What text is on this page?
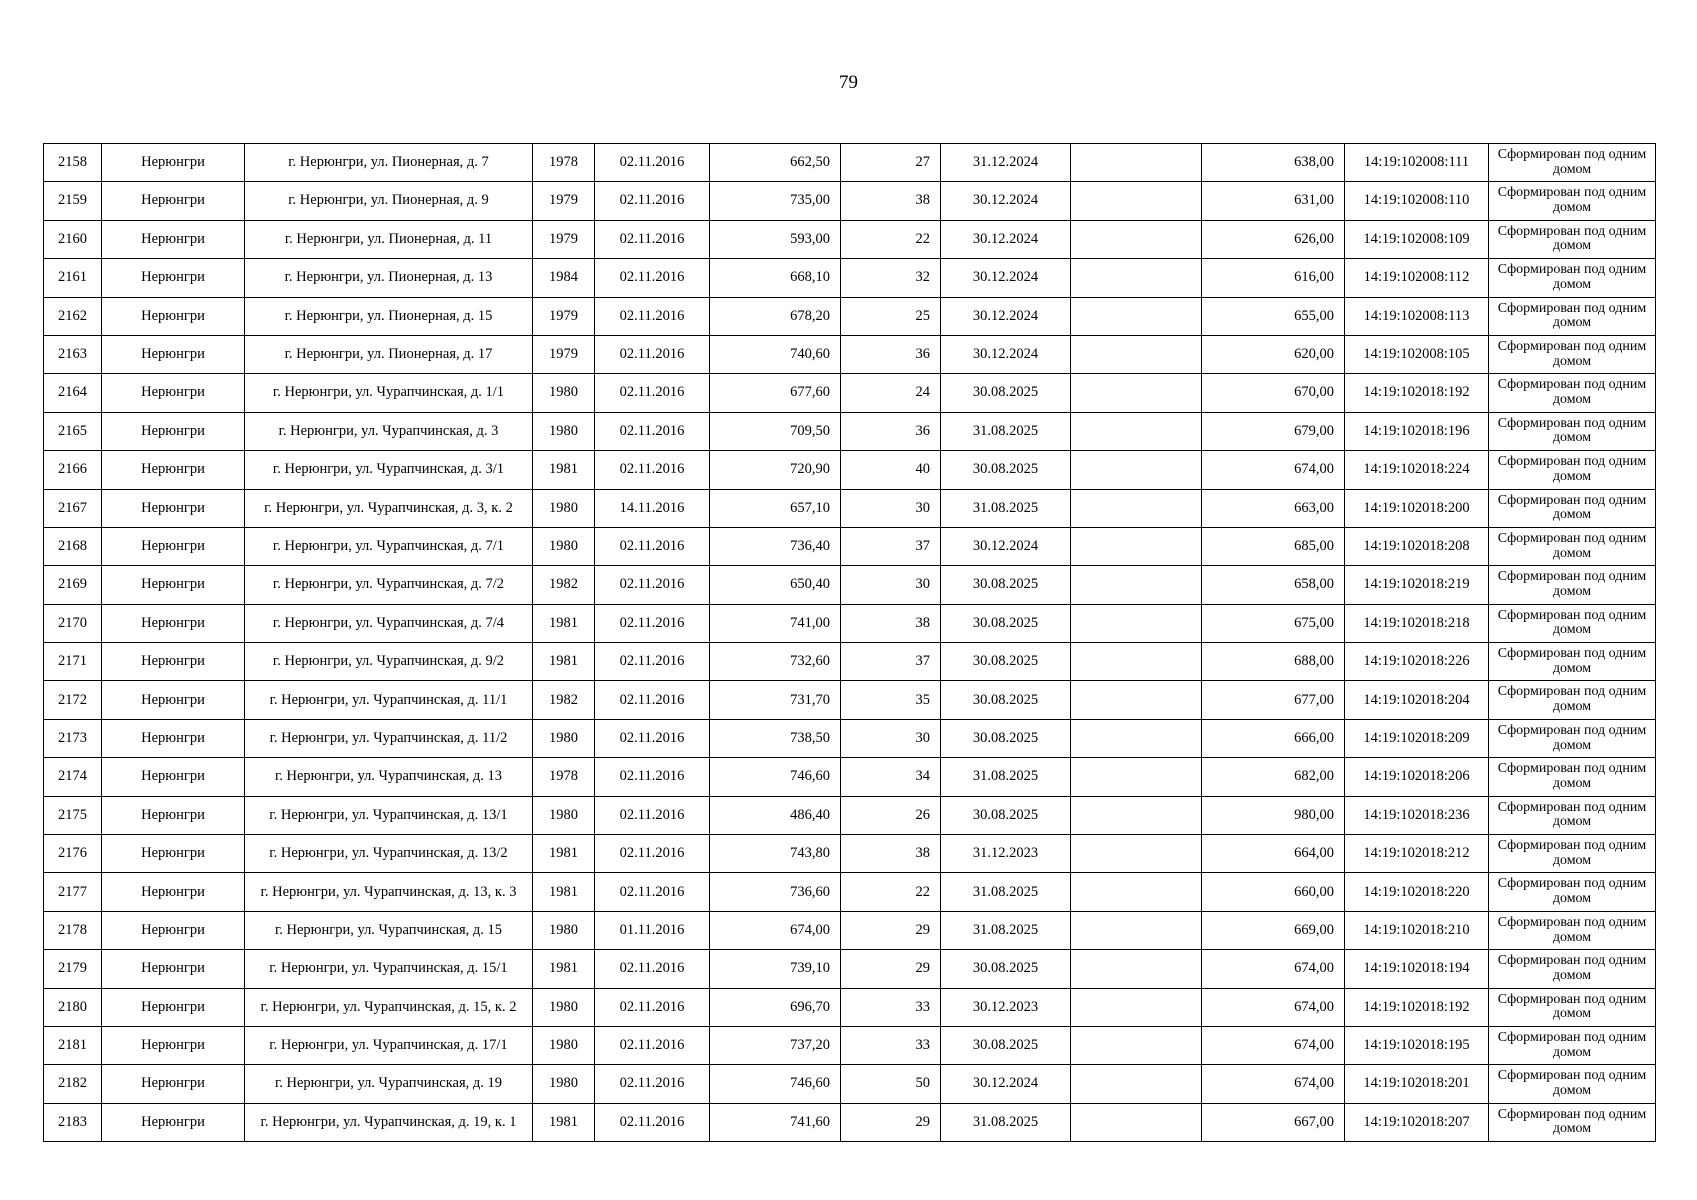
79
2158	Нерюнгри	г. Нерюнгри, ул. Пионерная, д. 7	1978	02.11.2016	662,50	27	31.12.2024		638,00	14:19:102008:111	Сформирован под одним домом
2159	Нерюнгри	г. Нерюнгри, ул. Пионерная, д. 9	1979	02.11.2016	735,00	38	30.12.2024		631,00	14:19:102008:110	Сформирован под одним домом
2160	Нерюнгри	г. Нерюнгри, ул. Пионерная, д. 11	1979	02.11.2016	593,00	22	30.12.2024		626,00	14:19:102008:109	Сформирован под одним домом
2161	Нерюнгри	г. Нерюнгри, ул. Пионерная, д. 13	1984	02.11.2016	668,10	32	30.12.2024		616,00	14:19:102008:112	Сформирован под одним домом
2162	Нерюнгри	г. Нерюнгри, ул. Пионерная, д. 15	1979	02.11.2016	678,20	25	30.12.2024		655,00	14:19:102008:113	Сформирован под одним домом
2163	Нерюнгри	г. Нерюнгри, ул. Пионерная, д. 17	1979	02.11.2016	740,60	36	30.12.2024		620,00	14:19:102008:105	Сформирован под одним домом
2164	Нерюнгри	г. Нерюнгри, ул. Чурапчинская, д. 1/1	1980	02.11.2016	677,60	24	30.08.2025		670,00	14:19:102018:192	Сформирован под одним домом
2165	Нерюнгри	г. Нерюнгри, ул. Чурапчинская, д. 3	1980	02.11.2016	709,50	36	31.08.2025		679,00	14:19:102018:196	Сформирован под одним домом
2166	Нерюнгри	г. Нерюнгри, ул. Чурапчинская, д. 3/1	1981	02.11.2016	720,90	40	30.08.2025		674,00	14:19:102018:224	Сформирован под одним домом
2167	Нерюнгри	г. Нерюнгри, ул. Чурапчинская, д. 3, к. 2	1980	14.11.2016	657,10	30	31.08.2025		663,00	14:19:102018:200	Сформирован под одним домом
2168	Нерюнгри	г. Нерюнгри, ул. Чурапчинская, д. 7/1	1980	02.11.2016	736,40	37	30.12.2024		685,00	14:19:102018:208	Сформирован под одним домом
2169	Нерюнгри	г. Нерюнгри, ул. Чурапчинская, д. 7/2	1982	02.11.2016	650,40	30	30.08.2025		658,00	14:19:102018:219	Сформирован под одним домом
2170	Нерюнгри	г. Нерюнгри, ул. Чурапчинская, д. 7/4	1981	02.11.2016	741,00	38	30.08.2025		675,00	14:19:102018:218	Сформирован под одним домом
2171	Нерюнгри	г. Нерюнгри, ул. Чурапчинская, д. 9/2	1981	02.11.2016	732,60	37	30.08.2025		688,00	14:19:102018:226	Сформирован под одним домом
2172	Нерюнгри	г. Нерюнгри, ул. Чурапчинская, д. 11/1	1982	02.11.2016	731,70	35	30.08.2025		677,00	14:19:102018:204	Сформирован под одним домом
2173	Нерюнгри	г. Нерюнгри, ул. Чурапчинская, д. 11/2	1980	02.11.2016	738,50	30	30.08.2025		666,00	14:19:102018:209	Сформирован под одним домом
2174	Нерюнгри	г. Нерюнгри, ул. Чурапчинская, д. 13	1978	02.11.2016	746,60	34	31.08.2025		682,00	14:19:102018:206	Сформирован под одним домом
2175	Нерюнгри	г. Нерюнгри, ул. Чурапчинская, д. 13/1	1980	02.11.2016	486,40	26	30.08.2025		980,00	14:19:102018:236	Сформирован под одним домом
2176	Нерюнгри	г. Нерюнгри, ул. Чурапчинская, д. 13/2	1981	02.11.2016	743,80	38	31.12.2023		664,00	14:19:102018:212	Сформирован под одним домом
2177	Нерюнгри	г. Нерюнгри, ул. Чурапчинская, д. 13, к. 3	1981	02.11.2016	736,60	22	31.08.2025		660,00	14:19:102018:220	Сформирован под одним домом
2178	Нерюнгри	г. Нерюнгри, ул. Чурапчинская, д. 15	1980	01.11.2016	674,00	29	31.08.2025		669,00	14:19:102018:210	Сформирован под одним домом
2179	Нерюнгри	г. Нерюнгри, ул. Чурапчинская, д. 15/1	1981	02.11.2016	739,10	29	30.08.2025		674,00	14:19:102018:194	Сформирован под одним домом
2180	Нерюнгри	г. Нерюнгри, ул. Чурапчинская, д. 15, к. 2	1980	02.11.2016	696,70	33	30.12.2023		674,00	14:19:102018:192	Сформирован под одним домом
2181	Нерюнгри	г. Нерюнгри, ул. Чурапчинская, д. 17/1	1980	02.11.2016	737,20	33	30.08.2025		674,00	14:19:102018:195	Сформирован под одним домом
2182	Нерюнгри	г. Нерюнгри, ул. Чурапчинская, д. 19	1980	02.11.2016	746,60	50	30.12.2024		674,00	14:19:102018:201	Сформирован под одним домом
2183	Нерюнгри	г. Нерюнгри, ул. Чурапчинская, д. 19, к. 1	1981	02.11.2016	741,60	29	31.08.2025		667,00	14:19:102018:207	Сформирован под одним домом
